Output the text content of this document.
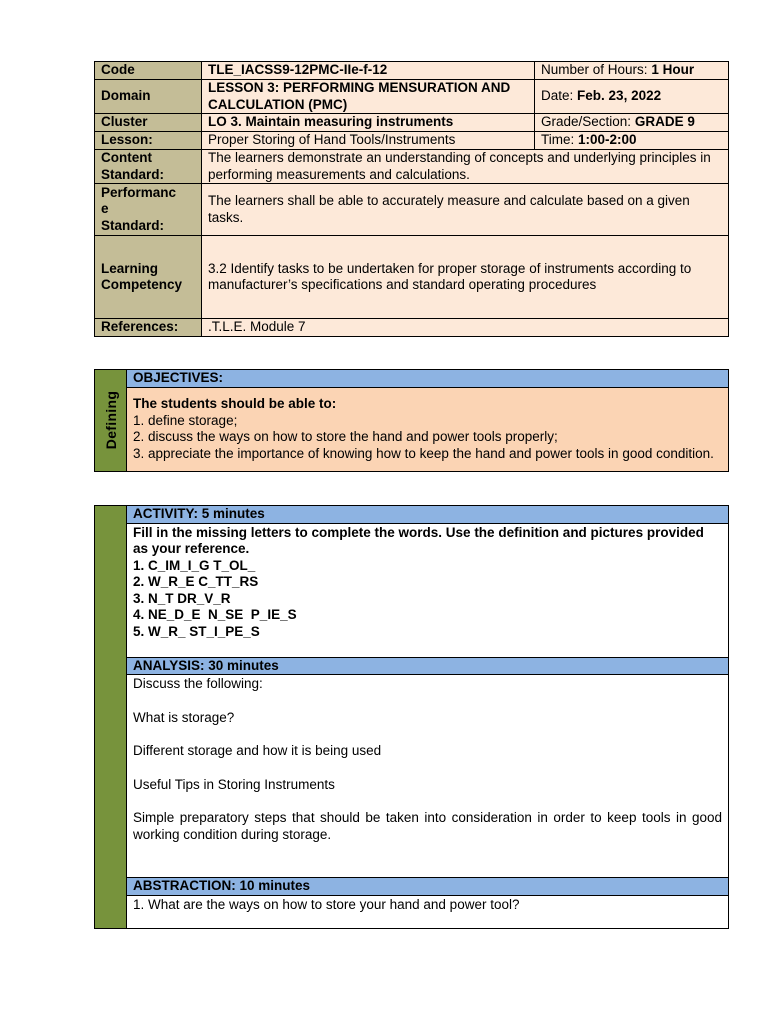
Code	TLE_IACSS9-12PMC-IIe-f-12	Number of Hours: 1 Hour
Domain	LESSON 3: PERFORMING MENSURATION AND CALCULATION (PMC)	Date: Feb. 23, 2022
Cluster	LO 3. Maintain measuring instruments	Grade/Section: GRADE 9
Lesson:	Proper Storing of Hand Tools/Instruments	Time: 1:00-2:00

Content
Standard:	The learners demonstrate an understanding of concepts and underlying principles in performing measurements and calculations.	

Performanc
e
Standard:	The learners shall be able to accurately measure and calculate based on a given tasks.	

Learning
Competency	3.2 Identify tasks to be undertaken for proper storage of instruments according to manufacturer’s specifications and standard operating procedures	
References:	.T.L.E. Module 7	
Defining
	OBJECTIVES:

The students should be able to:
1. define storage;
2. discuss the ways on how to store the hand and power tools properly;
3. appreciate the importance of knowing how to keep the hand and power tools in good condition.
	ACTIVITY: 5 minutes

Fill in the missing letters to complete the words. Use the definition and pictures provided as your reference.
1. C_IM_I_G T_OL_
2. W_R_E C_TT_RS
3. N_T DR_V_R
4. NE_D_E  N_SE  P_IE_S
5. W_R_ ST_I_PE_S

ANALYSIS: 30 minutes

Discuss the following:
What is storage?
Different storage and how it is being used
Useful Tips in Storing Instruments
Simple preparatory steps that should be taken into consideration in order to keep tools in good working condition during storage.

ABSTRACTION: 10 minutes
1. What are the ways on how to store your hand and power tool?
